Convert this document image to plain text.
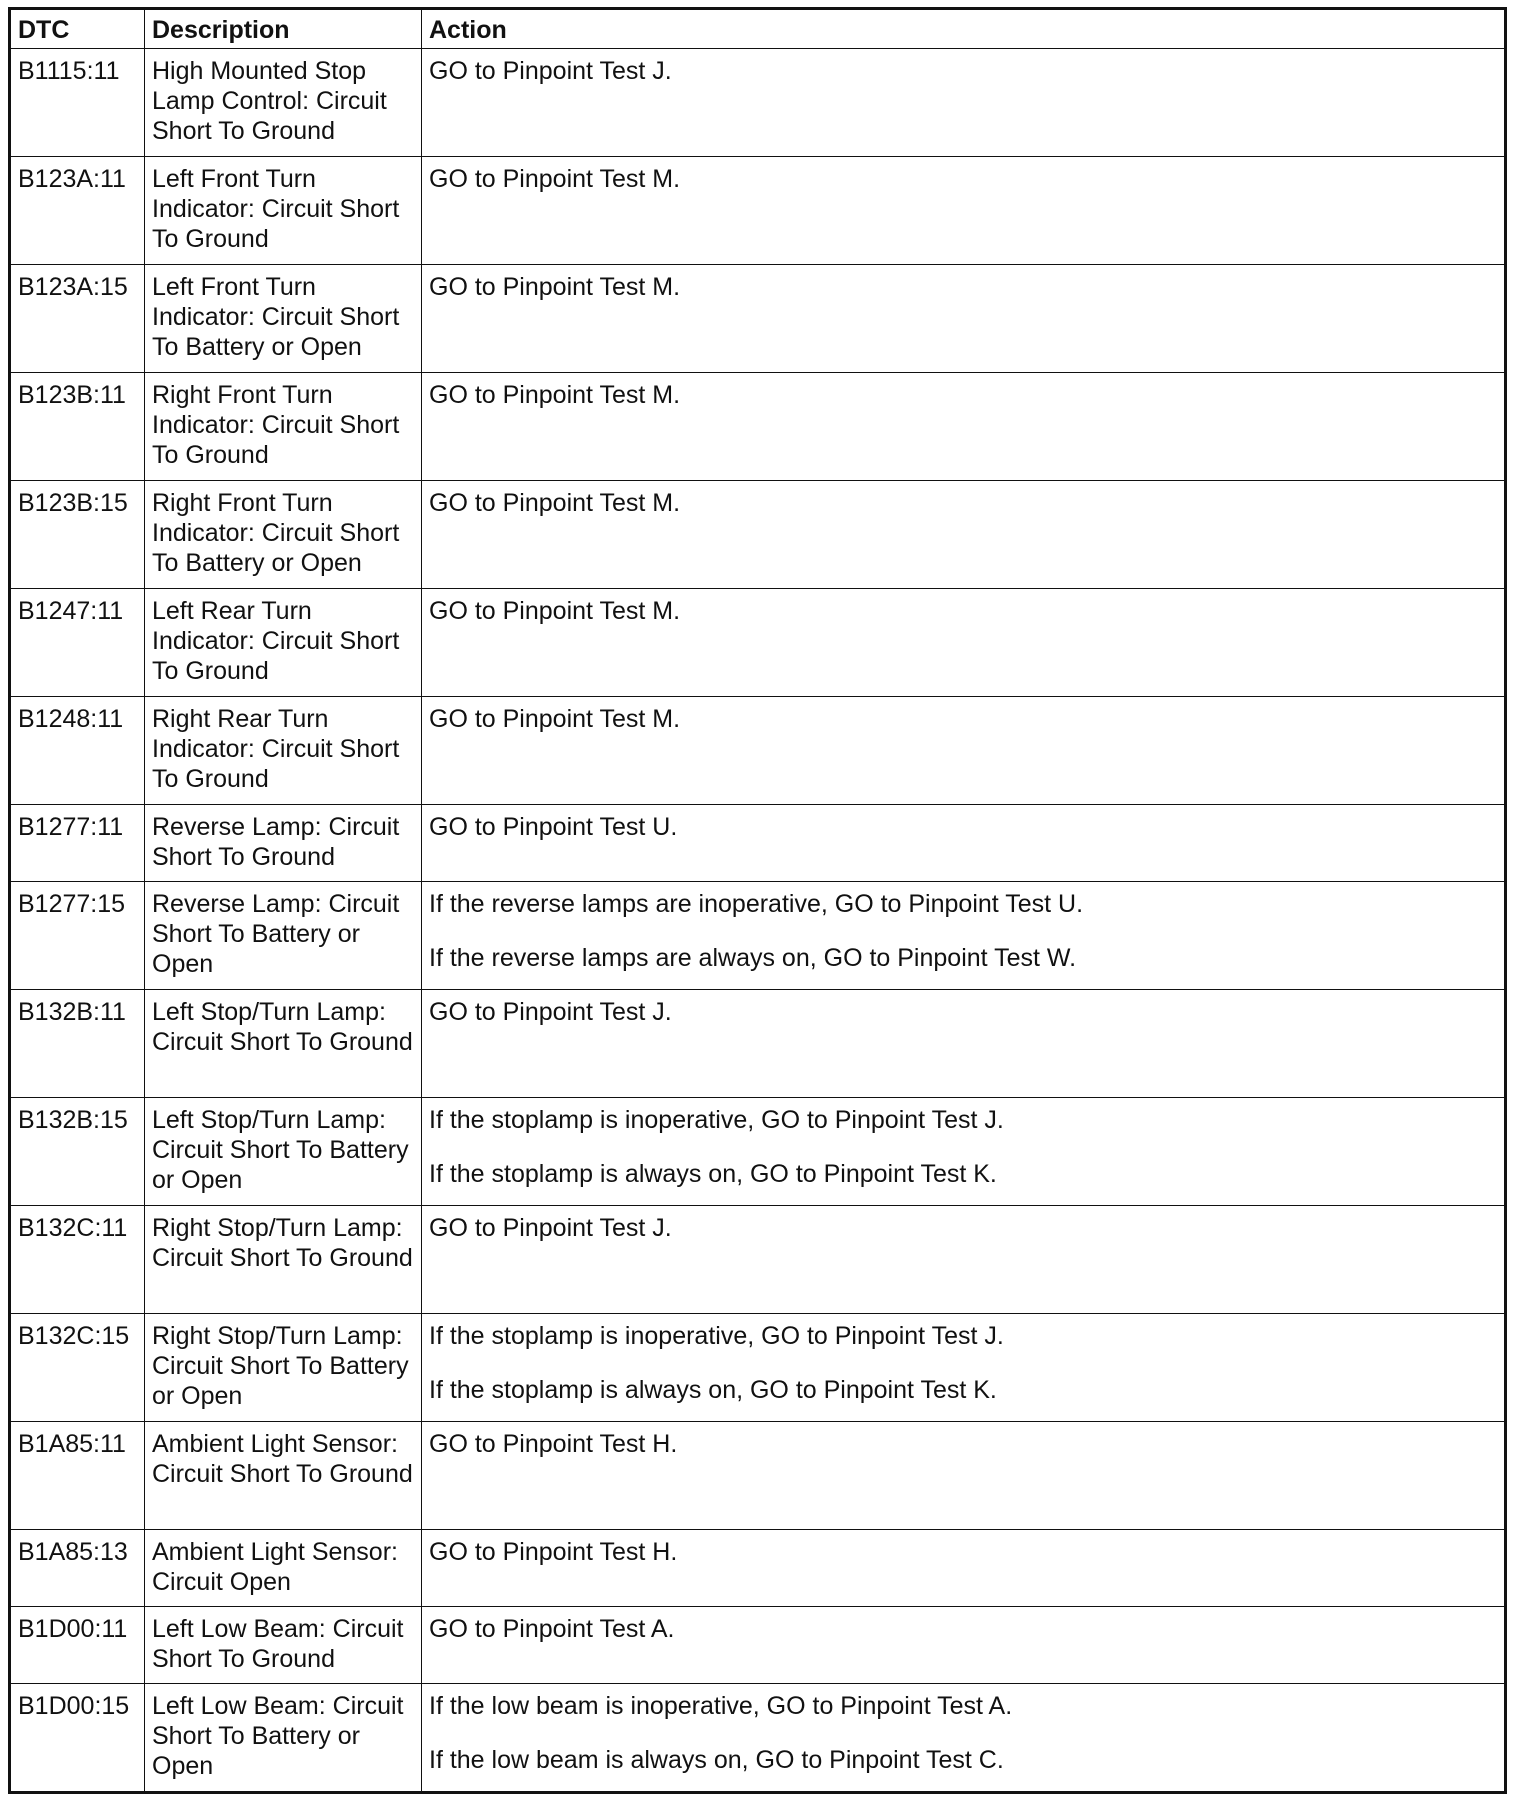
DTC	Description	Action
B1115:11	High Mounted Stop Lamp Control: Circuit Short To Ground	GO to Pinpoint Test J.

B123A:11	Left Front Turn Indicator: Circuit Short To Ground	GO to Pinpoint Test M.

B123A:15	Left Front Turn Indicator: Circuit Short To Battery or Open	GO to Pinpoint Test M.

B123B:11	Right Front Turn Indicator: Circuit Short To Ground	GO to Pinpoint Test M.

B123B:15	Right Front Turn Indicator: Circuit Short To Battery or Open	GO to Pinpoint Test M.

B1247:11	Left Rear Turn Indicator: Circuit Short To Ground	GO to Pinpoint Test M.

B1248:11	Right Rear Turn Indicator: Circuit Short To Ground	GO to Pinpoint Test M.

B1277:11	Reverse Lamp: Circuit Short To Ground	GO to Pinpoint Test U.

B1277:15	Reverse Lamp: Circuit Short To Battery or Open	If the reverse lamps are inoperative, GO to Pinpoint Test U.
If the reverse lamps are always on, GO to Pinpoint Test W.

B132B:11	Left Stop/Turn Lamp: Circuit Short To Ground	GO to Pinpoint Test J.

B132B:15	Left Stop/Turn Lamp: Circuit Short To Battery or Open	If the stoplamp is inoperative, GO to Pinpoint Test J.
If the stoplamp is always on, GO to Pinpoint Test K.

B132C:11	Right Stop/Turn Lamp: Circuit Short To Ground	GO to Pinpoint Test J.

B132C:15	Right Stop/Turn Lamp: Circuit Short To Battery or Open	If the stoplamp is inoperative, GO to Pinpoint Test J.
If the stoplamp is always on, GO to Pinpoint Test K.

B1A85:11	Ambient Light Sensor: Circuit Short To Ground	GO to Pinpoint Test H.

B1A85:13	Ambient Light Sensor: Circuit Open	GO to Pinpoint Test H.

B1D00:11	Left Low Beam: Circuit Short To Ground	GO to Pinpoint Test A.

B1D00:15	Left Low Beam: Circuit Short To Battery or Open	If the low beam is inoperative, GO to Pinpoint Test A.
If the low beam is always on, GO to Pinpoint Test C.
